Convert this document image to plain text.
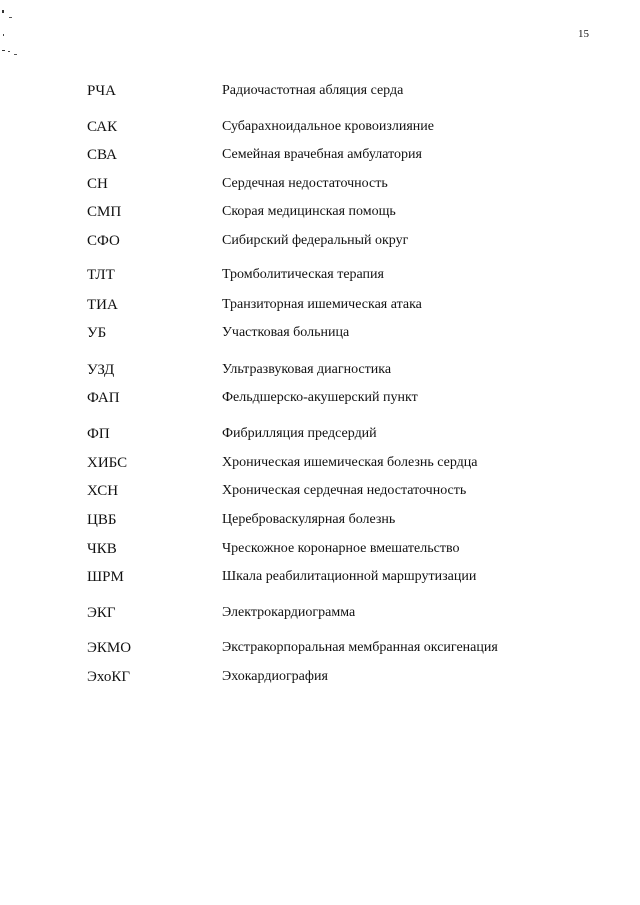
15
РЧА	Радиочастотная абляция серда
САК	Субарахноидальное кровоизлияние
СВА	Семейная врачебная амбулатория
СН	Сердечная недостаточность
СМП	Скорая медицинская помощь
СФО	Сибирский федеральный округ
ТЛТ	Тромболитическая терапия
ТИА	Транзиторная ишемическая атака
УБ	Участковая больница
УЗД	Ультразвуковая диагностика
ФАП	Фельдшерско-акушерский пункт
ФП	Фибрилляция предсердий
ХИБС	Хроническая ишемическая болезнь сердца
ХСН	Хроническая сердечная недостаточность
ЦВБ	Цереброваскулярная болезнь
ЧКВ	Чрескожное коронарное вмешательство
ШРМ	Шкала реабилитационной маршрутизации
ЭКГ	Электрокардиограмма
ЭКМО	Экстракорпоральная мембранная оксигенация
ЭхоКГ	Эхокардиография
